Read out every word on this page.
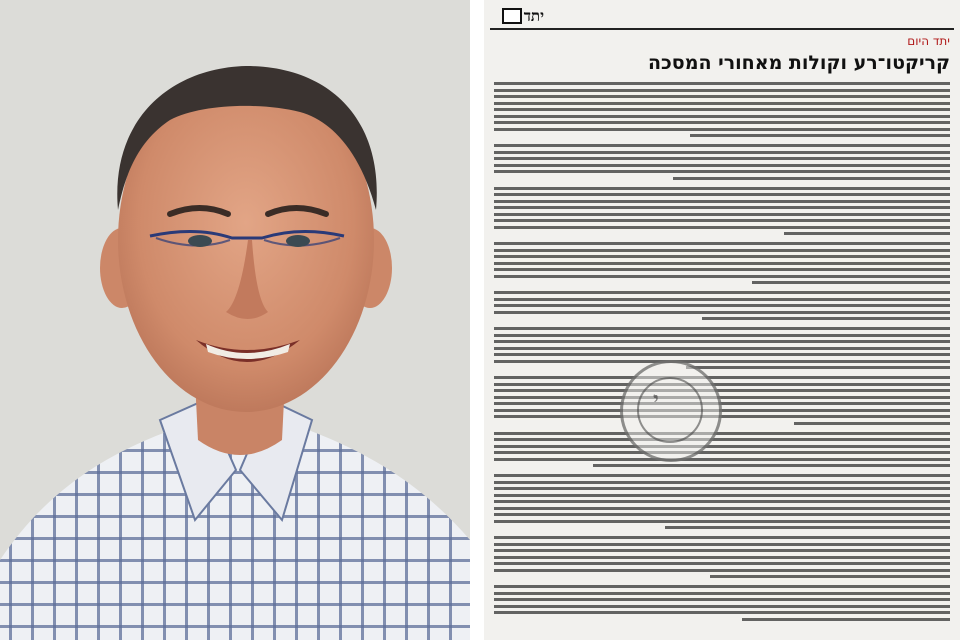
יתד
יתד היום
קריקטו־רע וקולות מאחורי המסכה
י
